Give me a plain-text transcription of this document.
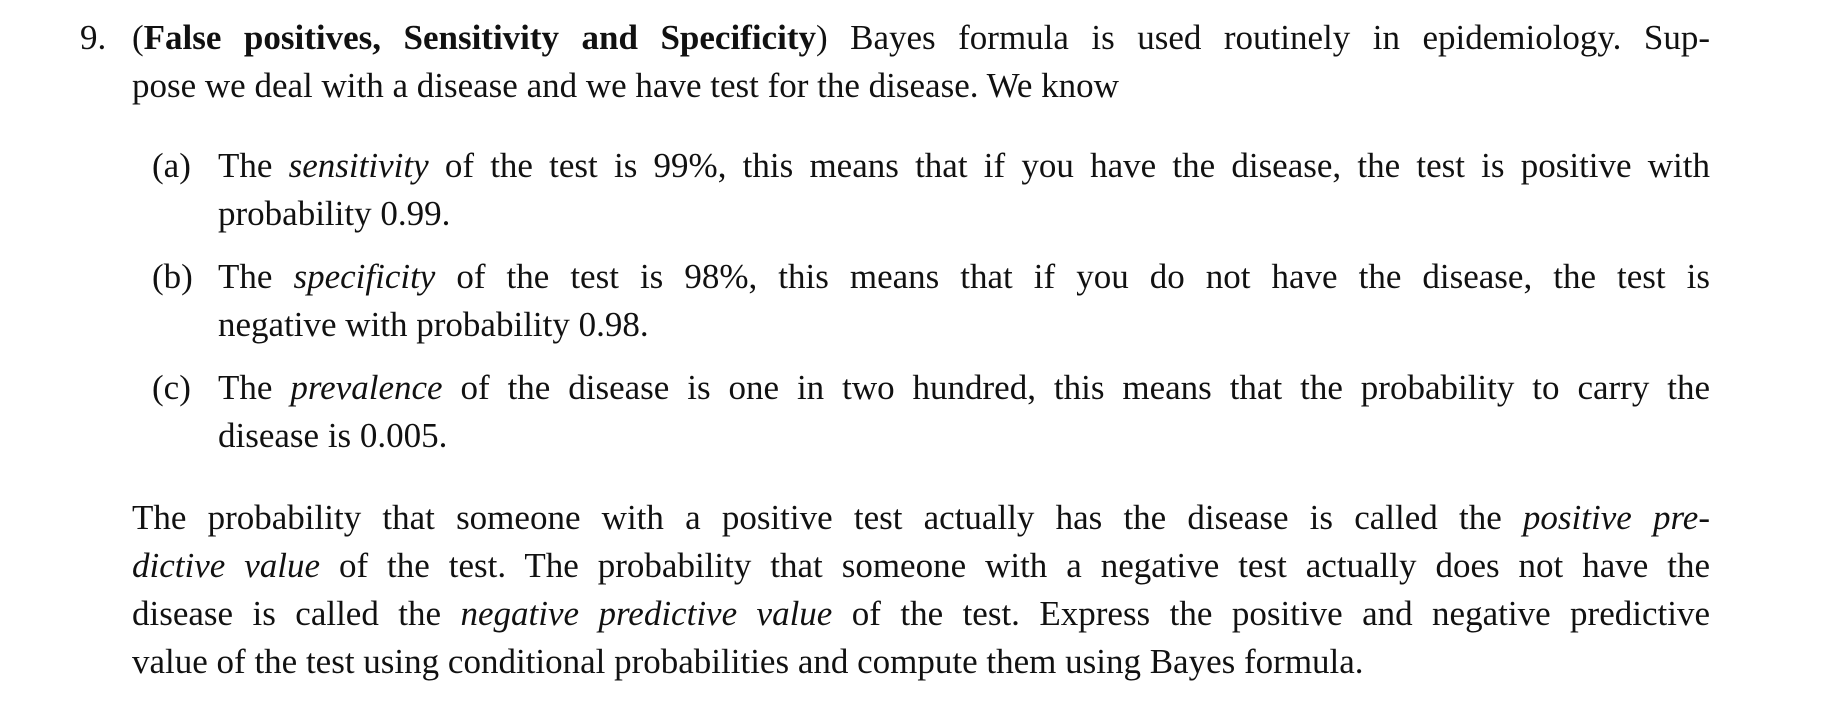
9. (False positives, Sensitivity and Specificity) Bayes formula is used routinely in epidemiology. Sup-
pose we deal with a disease and we have test for the disease. We know
(a) The sensitivity of the test is 99%, this means that if you have the disease, the test is positive with
probability 0.99.
(b) The specificity of the test is 98%, this means that if you do not have the disease, the test is
negative with probability 0.98.
(c) The prevalence of the disease is one in two hundred, this means that the probability to carry the
disease is 0.005.
The probability that someone with a positive test actually has the disease is called the positive pre-
dictive value of the test. The probability that someone with a negative test actually does not have the
disease is called the negative predictive value of the test. Express the positive and negative predictive
value of the test using conditional probabilities and compute them using Bayes formula.
